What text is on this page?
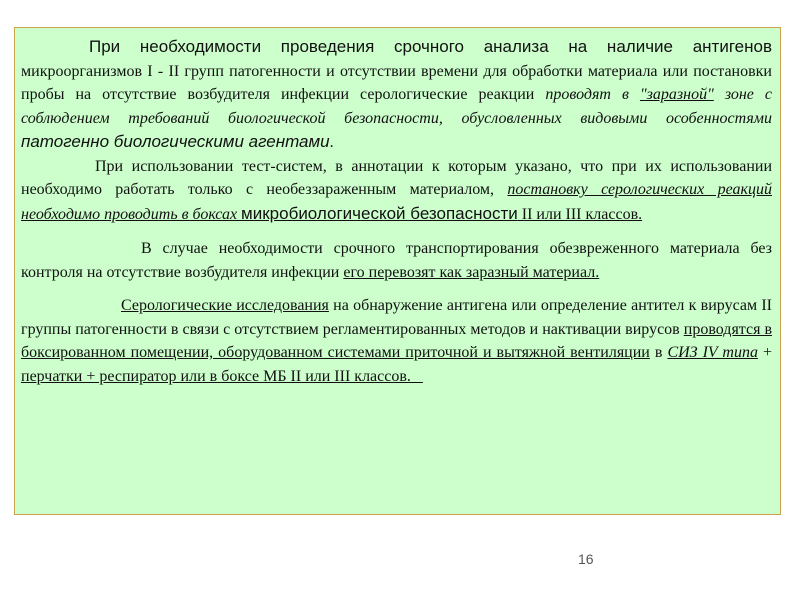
При необходимости проведения срочного анализа на наличие антигенов микроорганизмов I - II групп патогенности и отсутствии времени для обработки материала или постановки пробы на отсутствие возбудителя инфекции серологические реакции проводят в "заразной" зоне с соблюдением требований биологической безопасности, обусловленных видовыми особенностями патогенно биологическими агентами.

При использовании тест-систем, в аннотации к которым указано, что при их использовании необходимо работать только с необеззараженным материалом, постановку серологических реакций необходимо проводить в боксах микробиологической безопасности II или III классов.

В случае необходимости срочного транспортирования обезвреженного материала без контроля на отсутствие возбудителя инфекции его перевозят как заразный материал.

Серологические исследования на обнаружение антигена или определение антител к вирусам II группы патогенности в связи с отсутствием регламентированных методов и нактивации вирусов проводятся в боксированном помещении, оборудованном системами приточной и вытяжной вентиляции в СИЗ IV типа + перчатки + респиратор или в боксе МБ II или III классов.

16
